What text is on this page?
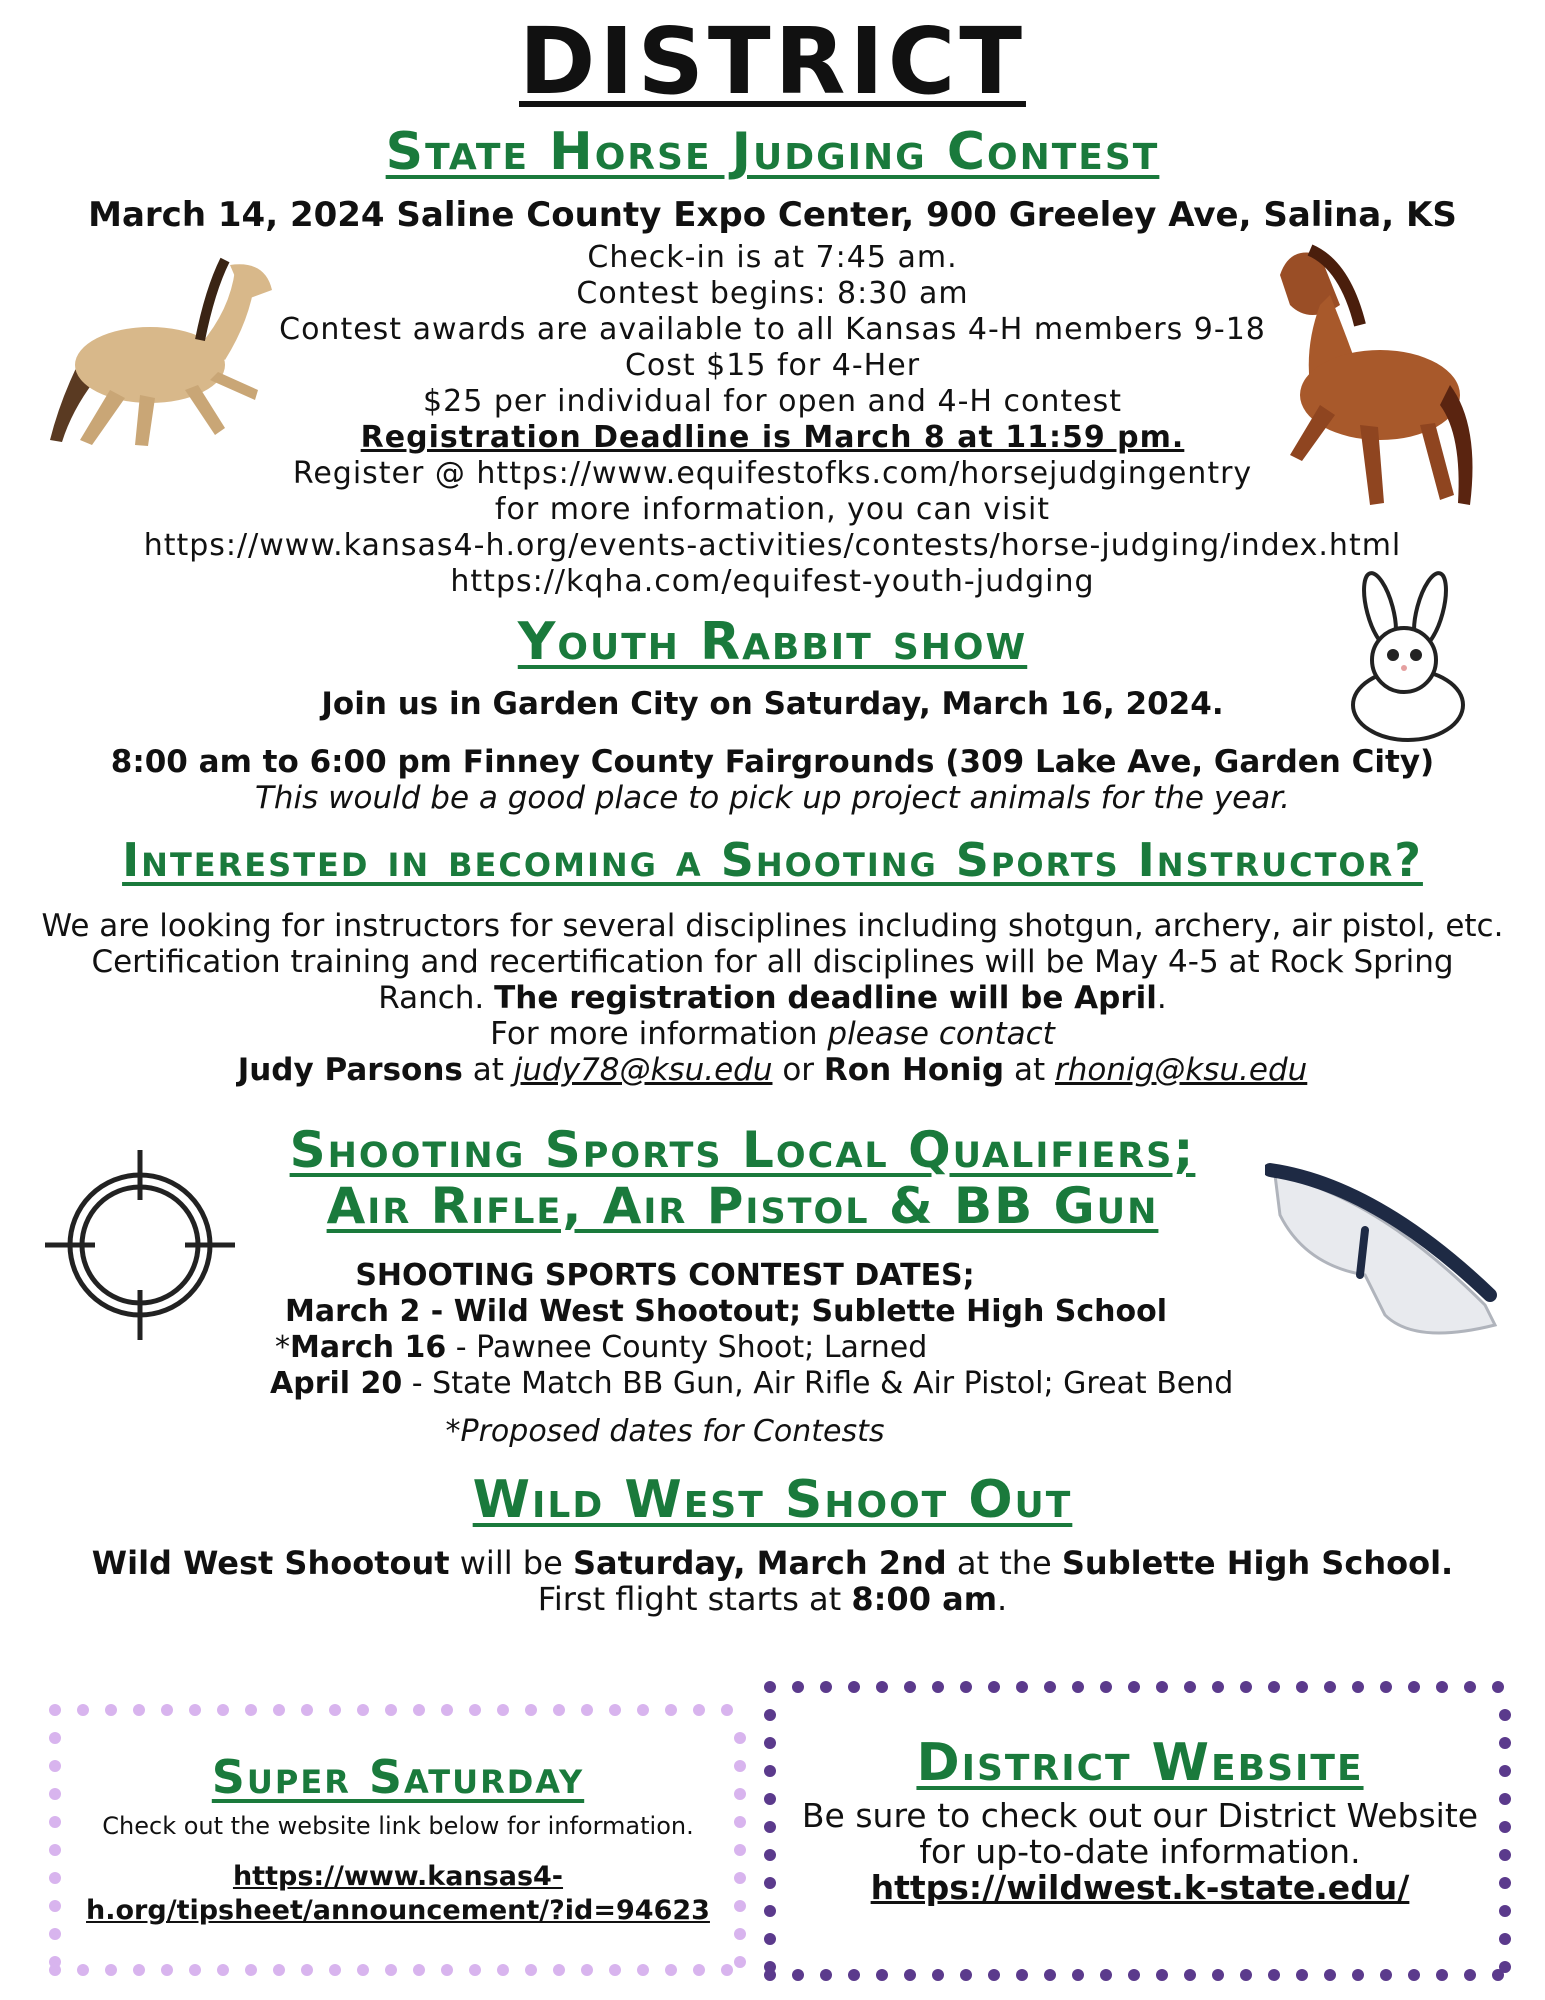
DISTRICT
State Horse Judging Contest
March 14, 2024 Saline County Expo Center, 900 Greeley Ave, Salina, KS
Check-in is at 7:45 am.
Contest begins: 8:30 am
Contest awards are available to all Kansas 4-H members 9-18
Cost $15 for 4-Her
$25 per individual for open and 4-H contest
Registration Deadline is March 8 at 11:59 pm.
Register @ https://www.equifestofks.com/horsejudgingentry
for more information, you can visit
https://www.kansas4-h.org/events-activities/contests/horse-judging/index.html
https://kqha.com/equifest-youth-judging
Youth Rabbit show
Join us in Garden City on Saturday, March 16, 2024.
8:00 am to 6:00 pm Finney County Fairgrounds (309 Lake Ave, Garden City)
This would be a good place to pick up project animals for the year.
Interested in becoming a Shooting Sports Instructor?
We are looking for instructors for several disciplines including shotgun, archery, air pistol, etc. Certification training and recertification for all disciplines will be May 4-5 at Rock Spring Ranch. The registration deadline will be April.
For more information please contact
Judy Parsons at judy78@ksu.edu or Ron Honig at rhonig@ksu.edu
Shooting Sports Local Qualifiers;
Air Rifle, Air Pistol & BB Gun
SHOOTING SPORTS CONTEST DATES;
March 2 - Wild West Shootout; Sublette High School
*March 16 - Pawnee County Shoot; Larned
April 20 - State Match BB Gun, Air Rifle & Air Pistol; Great Bend
*Proposed dates for Contests
Wild West Shoot Out
Wild West Shootout will be Saturday, March 2nd at the Sublette High School. First flight starts at 8:00 am.
Super Saturday
Check out the website link below for information.
https://www.kansas4-
h.org/tipsheet/announcement/?id=94623
District Website
Be sure to check out our District Website
for up-to-date information.
https://wildwest.k-state.edu/
